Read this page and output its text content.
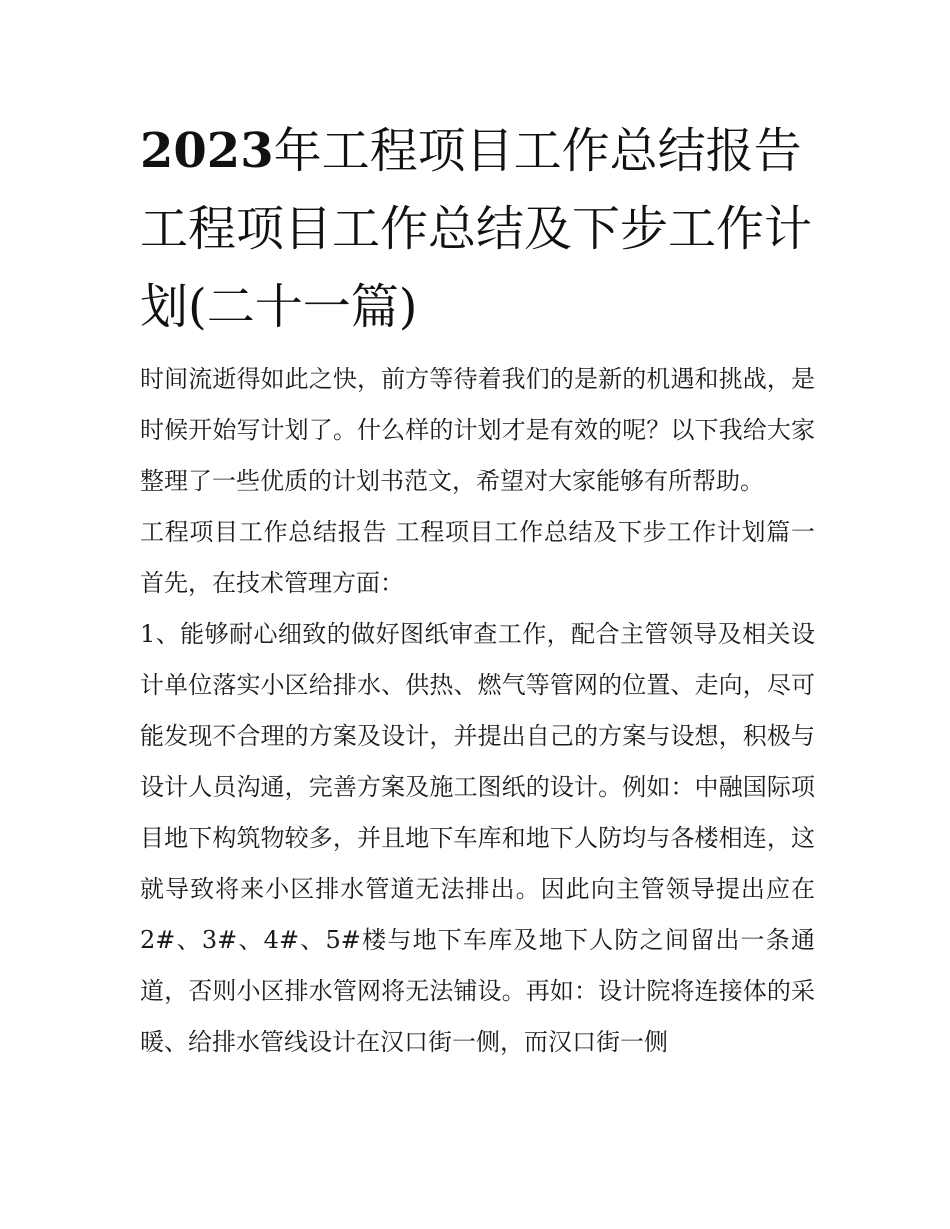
2023年工程项目工作总结报告工程项目工作总结及下步工作计划(二十一篇)

时间流逝得如此之快，前方等待着我们的是新的机遇和挑战，是时候开始写计划了。什么样的计划才是有效的呢？以下我给大家整理了一些优质的计划书范文，希望对大家能够有所帮助。

工程项目工作总结报告 工程项目工作总结及下步工作计划篇一 首先，在技术管理方面：

1、能够耐心细致的做好图纸审查工作，配合主管领导及相关设计单位落实小区给排水、供热、燃气等管网的位置、走向，尽可能发现不合理的方案及设计，并提出自己的方案与设想，积极与设计人员沟通，完善方案及施工图纸的设计。例如：中融国际项目地下构筑物较多，并且地下车库和地下人防均与各楼相连，这就导致将来小区排水管道无法排出。因此向主管领导提出应在2#、3#、4#、5#楼与地下车库及地下人防之间留出一条通道，否则小区排水管网将无法铺设。再如：设计院将连接体的采暖、给排水管线设计在汉口街一侧，而汉口街一侧
